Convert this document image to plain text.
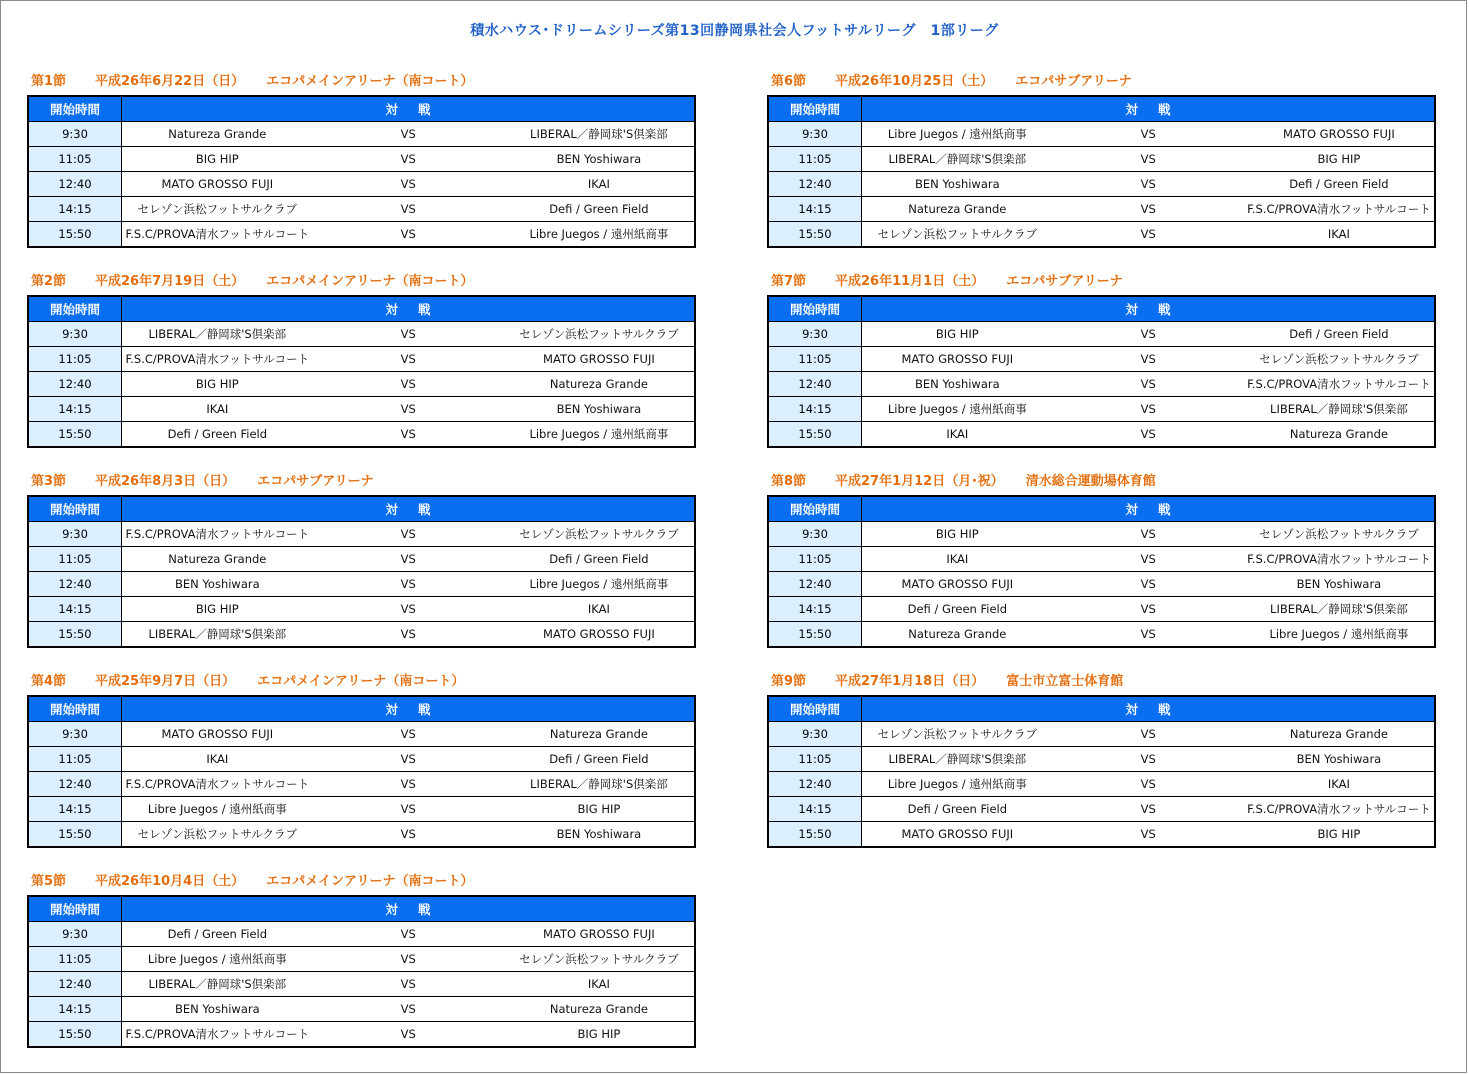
積水ハウス･ドリームシリーズ第13回静岡県社会人フットサルリーグ　1部リーグ
第1節 平成26年6月22日（日） エコパメインアリーナ（南コート）
開始時間	対戦		
9:30	Natureza Grande	VS	LIBERAL／静岡球'S倶楽部
11:05	BIG HIP	VS	BEN Yoshiwara
12:40	MATO GROSSO FUJI	VS	IKAI
14:15	セレゾン浜松フットサルクラブ	VS	Defi / Green Field
15:50	F.S.C/PROVA清水フットサルコート	VS	Libre Juegos / 遠州紙商事
第2節 平成26年7月19日（土） エコパメインアリーナ（南コート）
開始時間	対戦		
9:30	LIBERAL／静岡球'S倶楽部	VS	セレゾン浜松フットサルクラブ
11:05	F.S.C/PROVA清水フットサルコート	VS	MATO GROSSO FUJI
12:40	BIG HIP	VS	Natureza Grande
14:15	IKAI	VS	BEN Yoshiwara
15:50	Defi / Green Field	VS	Libre Juegos / 遠州紙商事
第3節 平成26年8月3日（日） エコパサブアリーナ
開始時間	対戦		
9:30	F.S.C/PROVA清水フットサルコート	VS	セレゾン浜松フットサルクラブ
11:05	Natureza Grande	VS	Defi / Green Field
12:40	BEN Yoshiwara	VS	Libre Juegos / 遠州紙商事
14:15	BIG HIP	VS	IKAI
15:50	LIBERAL／静岡球'S倶楽部	VS	MATO GROSSO FUJI
第4節 平成25年9月7日（日） エコパメインアリーナ（南コート）
開始時間	対戦		
9:30	MATO GROSSO FUJI	VS	Natureza Grande
11:05	IKAI	VS	Defi / Green Field
12:40	F.S.C/PROVA清水フットサルコート	VS	LIBERAL／静岡球'S倶楽部
14:15	Libre Juegos / 遠州紙商事	VS	BIG HIP
15:50	セレゾン浜松フットサルクラブ	VS	BEN Yoshiwara
第5節 平成26年10月4日（土） エコパメインアリーナ（南コート）
開始時間	対戦		
9:30	Defi / Green Field	VS	MATO GROSSO FUJI
11:05	Libre Juegos / 遠州紙商事	VS	セレゾン浜松フットサルクラブ
12:40	LIBERAL／静岡球'S倶楽部	VS	IKAI
14:15	BEN Yoshiwara	VS	Natureza Grande
15:50	F.S.C/PROVA清水フットサルコート	VS	BIG HIP
第6節 平成26年10月25日（土） エコパサブアリーナ
開始時間	対戦		
9:30	Libre Juegos / 遠州紙商事	VS	MATO GROSSO FUJI
11:05	LIBERAL／静岡球'S倶楽部	VS	BIG HIP
12:40	BEN Yoshiwara	VS	Defi / Green Field
14:15	Natureza Grande	VS	F.S.C/PROVA清水フットサルコート
15:50	セレゾン浜松フットサルクラブ	VS	IKAI
第7節 平成26年11月1日（土） エコパサブアリーナ
開始時間	対戦		
9:30	BIG HIP	VS	Defi / Green Field
11:05	MATO GROSSO FUJI	VS	セレゾン浜松フットサルクラブ
12:40	BEN Yoshiwara	VS	F.S.C/PROVA清水フットサルコート
14:15	Libre Juegos / 遠州紙商事	VS	LIBERAL／静岡球'S倶楽部
15:50	IKAI	VS	Natureza Grande
第8節 平成27年1月12日（月･祝） 清水総合運動場体育館
開始時間	対戦		
9:30	BIG HIP	VS	セレゾン浜松フットサルクラブ
11:05	IKAI	VS	F.S.C/PROVA清水フットサルコート
12:40	MATO GROSSO FUJI	VS	BEN Yoshiwara
14:15	Defi / Green Field	VS	LIBERAL／静岡球'S倶楽部
15:50	Natureza Grande	VS	Libre Juegos / 遠州紙商事
第9節 平成27年1月18日（日） 富士市立富士体育館
開始時間	対戦		
9:30	セレゾン浜松フットサルクラブ	VS	Natureza Grande
11:05	LIBERAL／静岡球'S倶楽部	VS	BEN Yoshiwara
12:40	Libre Juegos / 遠州紙商事	VS	IKAI
14:15	Defi / Green Field	VS	F.S.C/PROVA清水フットサルコート
15:50	MATO GROSSO FUJI	VS	BIG HIP
